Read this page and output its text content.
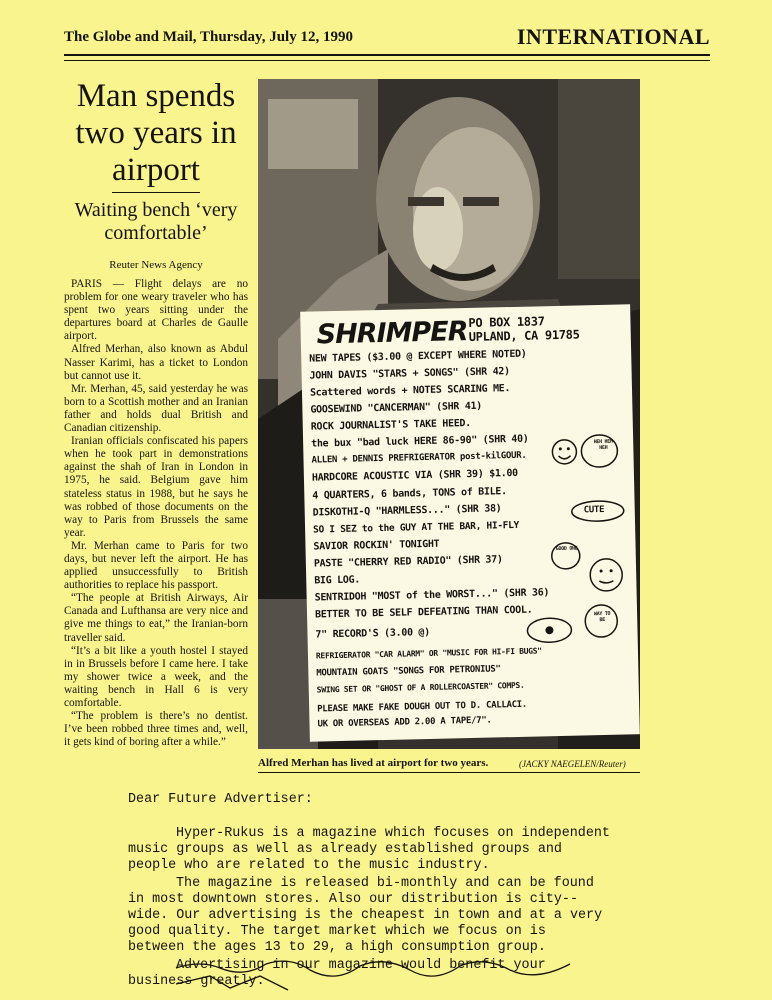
The Globe and Mail, Thursday, July 12, 1990	INTERNATIONAL
Man spends two years in airport
Waiting bench ‘very comfortable’
Reuter News Agency

PARIS — Flight delays are no problem for one weary traveler who has spent two years sitting under the departures board at Charles de Gaulle airport.

Alfred Merhan, also known as Abdul Nasser Karimi, has a ticket to London but cannot use it.

Mr. Merhan, 45, said yesterday he was born to a Scottish mother and an Iranian father and holds dual British and Canadian citizenship.

Iranian officials confiscated his papers when he took part in demonstrations against the shah of Iran in London in 1975, he said. Belgium gave him stateless status in 1988, but he says he was robbed of those documents on the way to Paris from Brussels the same year.

Mr. Merhan came to Paris for two days, but never left the airport. He has applied unsuccessfully to British authorities to replace his passport.

“The people at British Airways, Air Canada and Lufthansa are very nice and give me things to eat,” the Iranian-born traveller said.

“It’s a bit like a youth hostel I stayed in in Brussels before I came here. I take my shower twice a week, and the waiting bench in Hall 6 is very comfortable.

“The problem is there’s no dentist. I’ve been robbed three times and, well, it gets kind of boring after a while.”

SHRIMPER PO BOX 1837
UPLAND, CA 91785
NEW TAPES ($3.00 @ EXCEPT WHERE NOTED)
JOHN DAVIS "STARS + SONGS" (SHR 42)
Scattered words + NOTES SCARING ME.
GOOSEWIND "CANCERMAN" (SHR 41)
ROCK JOURNALIST'S TAKE HEED.
the bux "bad luck HERE 86-90" (SHR 40)
ALLEN + DENNIS PREFRIGERATOR post-kilGOUR.
HARDCORE ACOUSTIC VIA (SHR 39) $1.00
4 QUARTERS, 6 bands, TONS of BILE.
DISKOTHI-Q "HARMLESS..." (SHR 38)
SO I SEZ to the GUY AT THE BAR, HI-FLY
SAVIOR ROCKIN' TONIGHT
PASTE "CHERRY RED RADIO" (SHR 37)
BIG LOG.
SENTRIDOH "MOST of the WORST..." (SHR 36)
BETTER TO BE SELF DEFEATING THAN COOL.
7" RECORD'S (3.00 @)
REFRIGERATOR "CAR ALARM" OR "MUSIC FOR HI-FI BUGS"
MOUNTAIN GOATS "SONGS FOR PETRONIUS"
SWING SET OR "GHOST OF A ROLLERCOASTER" COMPS.
PLEASE MAKE FAKE DOUGH OUT TO D. CALLACI.
UK OR OVERSEAS ADD 2.00 A TAPE/7".
HEH HEH HEH
CUTE
GOOD ONE
WAY TO BE
Alfred Merhan has lived at airport for two years.	(JACKY NAEGELEN/Reuter)
Dear Future Advertiser:
Hyper-Rukus is a magazine which focuses on independent
music groups as well as already established groups and
people who are related to the music industry.
The magazine is released bi-monthly and can be found
in most downtown stores. Also our distribution is city--
wide. Our advertising is the cheapest in town and at a very
good quality. The target market which we focus on is
between the ages 13 to 29, a high consumption group.
Advertising in our magazine would benefit your
business greatly.
